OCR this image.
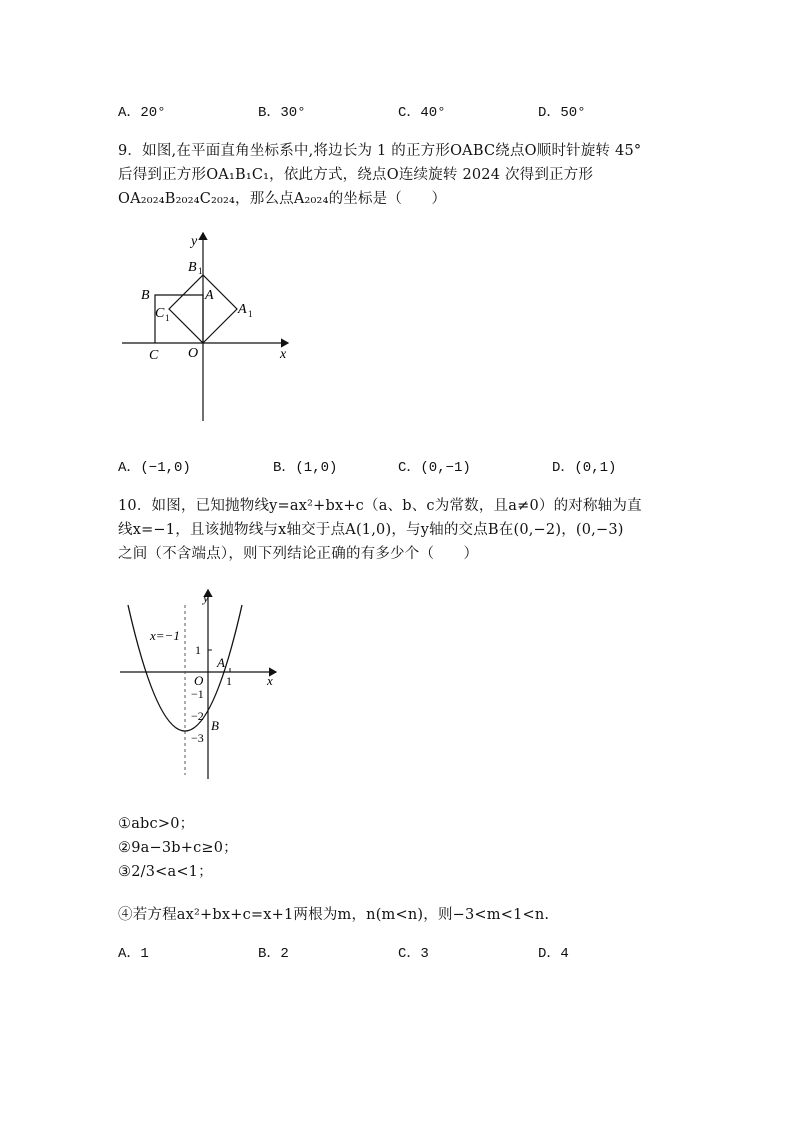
A．20°	B．30°	C．40°	D．50°
9．如图,在平面直角坐标系中,将边长为 1 的正方形OABC绕点O顺时针旋转 45°
后得到正方形OA₁B₁C₁，依此方式，绕点O连续旋转 2024 次得到正方形
OA₂₀₂₄B₂₀₂₄C₂₀₂₄，那么点A₂₀₂₄的坐标是（　　）
y
x
B 1
A
B
C 1
A 1
C O
A．(−1,0)	B．(1,0)	C．(0,−1)	D．(0,1)
10．如图，已知抛物线y=ax²+bx+c（a、b、c为常数，且a≠0）的对称轴为直
线x=−1，且该抛物线与x轴交于点A(1,0)，与y轴的交点B在(0,−2)，(0,−3)
之间（不含端点），则下列结论正确的有多少个（　　）
y
x
x=−1
1
A
O 1
−1
−2
−3
B
①abc>0；
②9a−3b+c≥0；
③2/3<a<1；
④若方程ax²+bx+c=x+1两根为m，n(m<n)，则−3<m<1<n.
A．1	B．2	C．3	D．4
